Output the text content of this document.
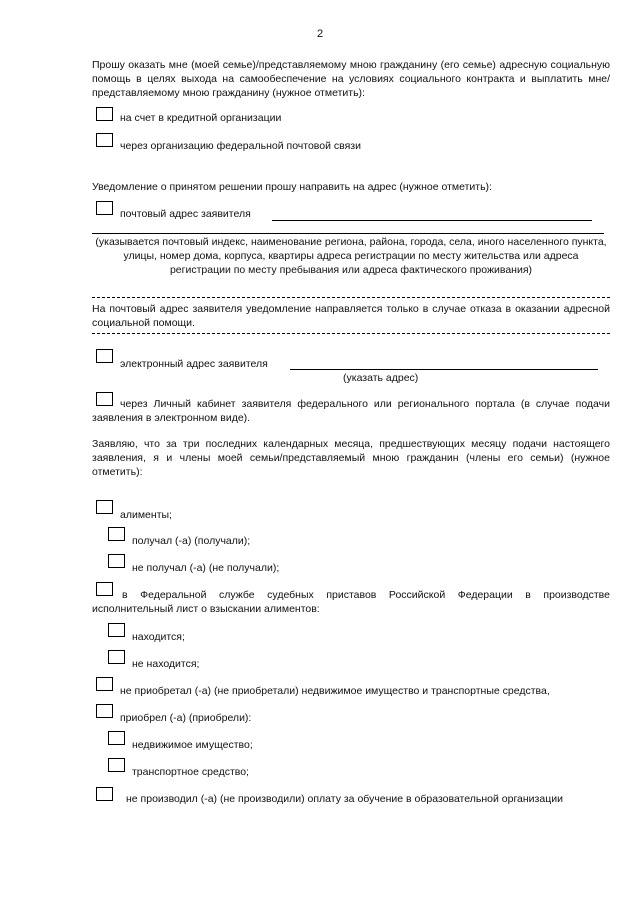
2
Прошу оказать мне (моей семье)/представляемому мною гражданину (его семье) адресную социальную помощь в целях выхода на самообеспечение на условиях социального контракта и выплатить мне/представляемому мною гражданину (нужное отметить):
на счет в кредитной организации
через организацию федеральной почтовой связи
Уведомление о принятом решении прошу направить на адрес (нужное отметить):
почтовый адрес заявителя
(указывается почтовый индекс, наименование региона, района, города, села, иного населенного пункта, улицы, номер дома, корпуса, квартиры адреса регистрации по месту жительства или адреса регистрации по месту пребывания или адреса фактического проживания)
На почтовый адрес заявителя уведомление направляется только в случае отказа в оказании адресной социальной помощи.
электронный адрес заявителя
(указать адрес)
через Личный кабинет заявителя федерального или регионального портала (в случае подачи заявления в электронном виде).
Заявляю, что за три последних календарных месяца, предшествующих месяцу подачи настоящего заявления, я и члены моей семьи/представляемый мною гражданин (члены его семьи) (нужное отметить):
алименты;
получал (-а) (получали);
не получал (-а) (не получали);
в Федеральной службе судебных приставов Российской Федерации в производстве исполнительный лист о взыскании алиментов:
находится;
не находится;
не приобретал (-а) (не приобретали) недвижимое имущество и транспортные средства,
приобрел (-а) (приобрели):
недвижимое имущество;
транспортное средство;
не производил (-а) (не производили) оплату за обучение в образовательной организации
